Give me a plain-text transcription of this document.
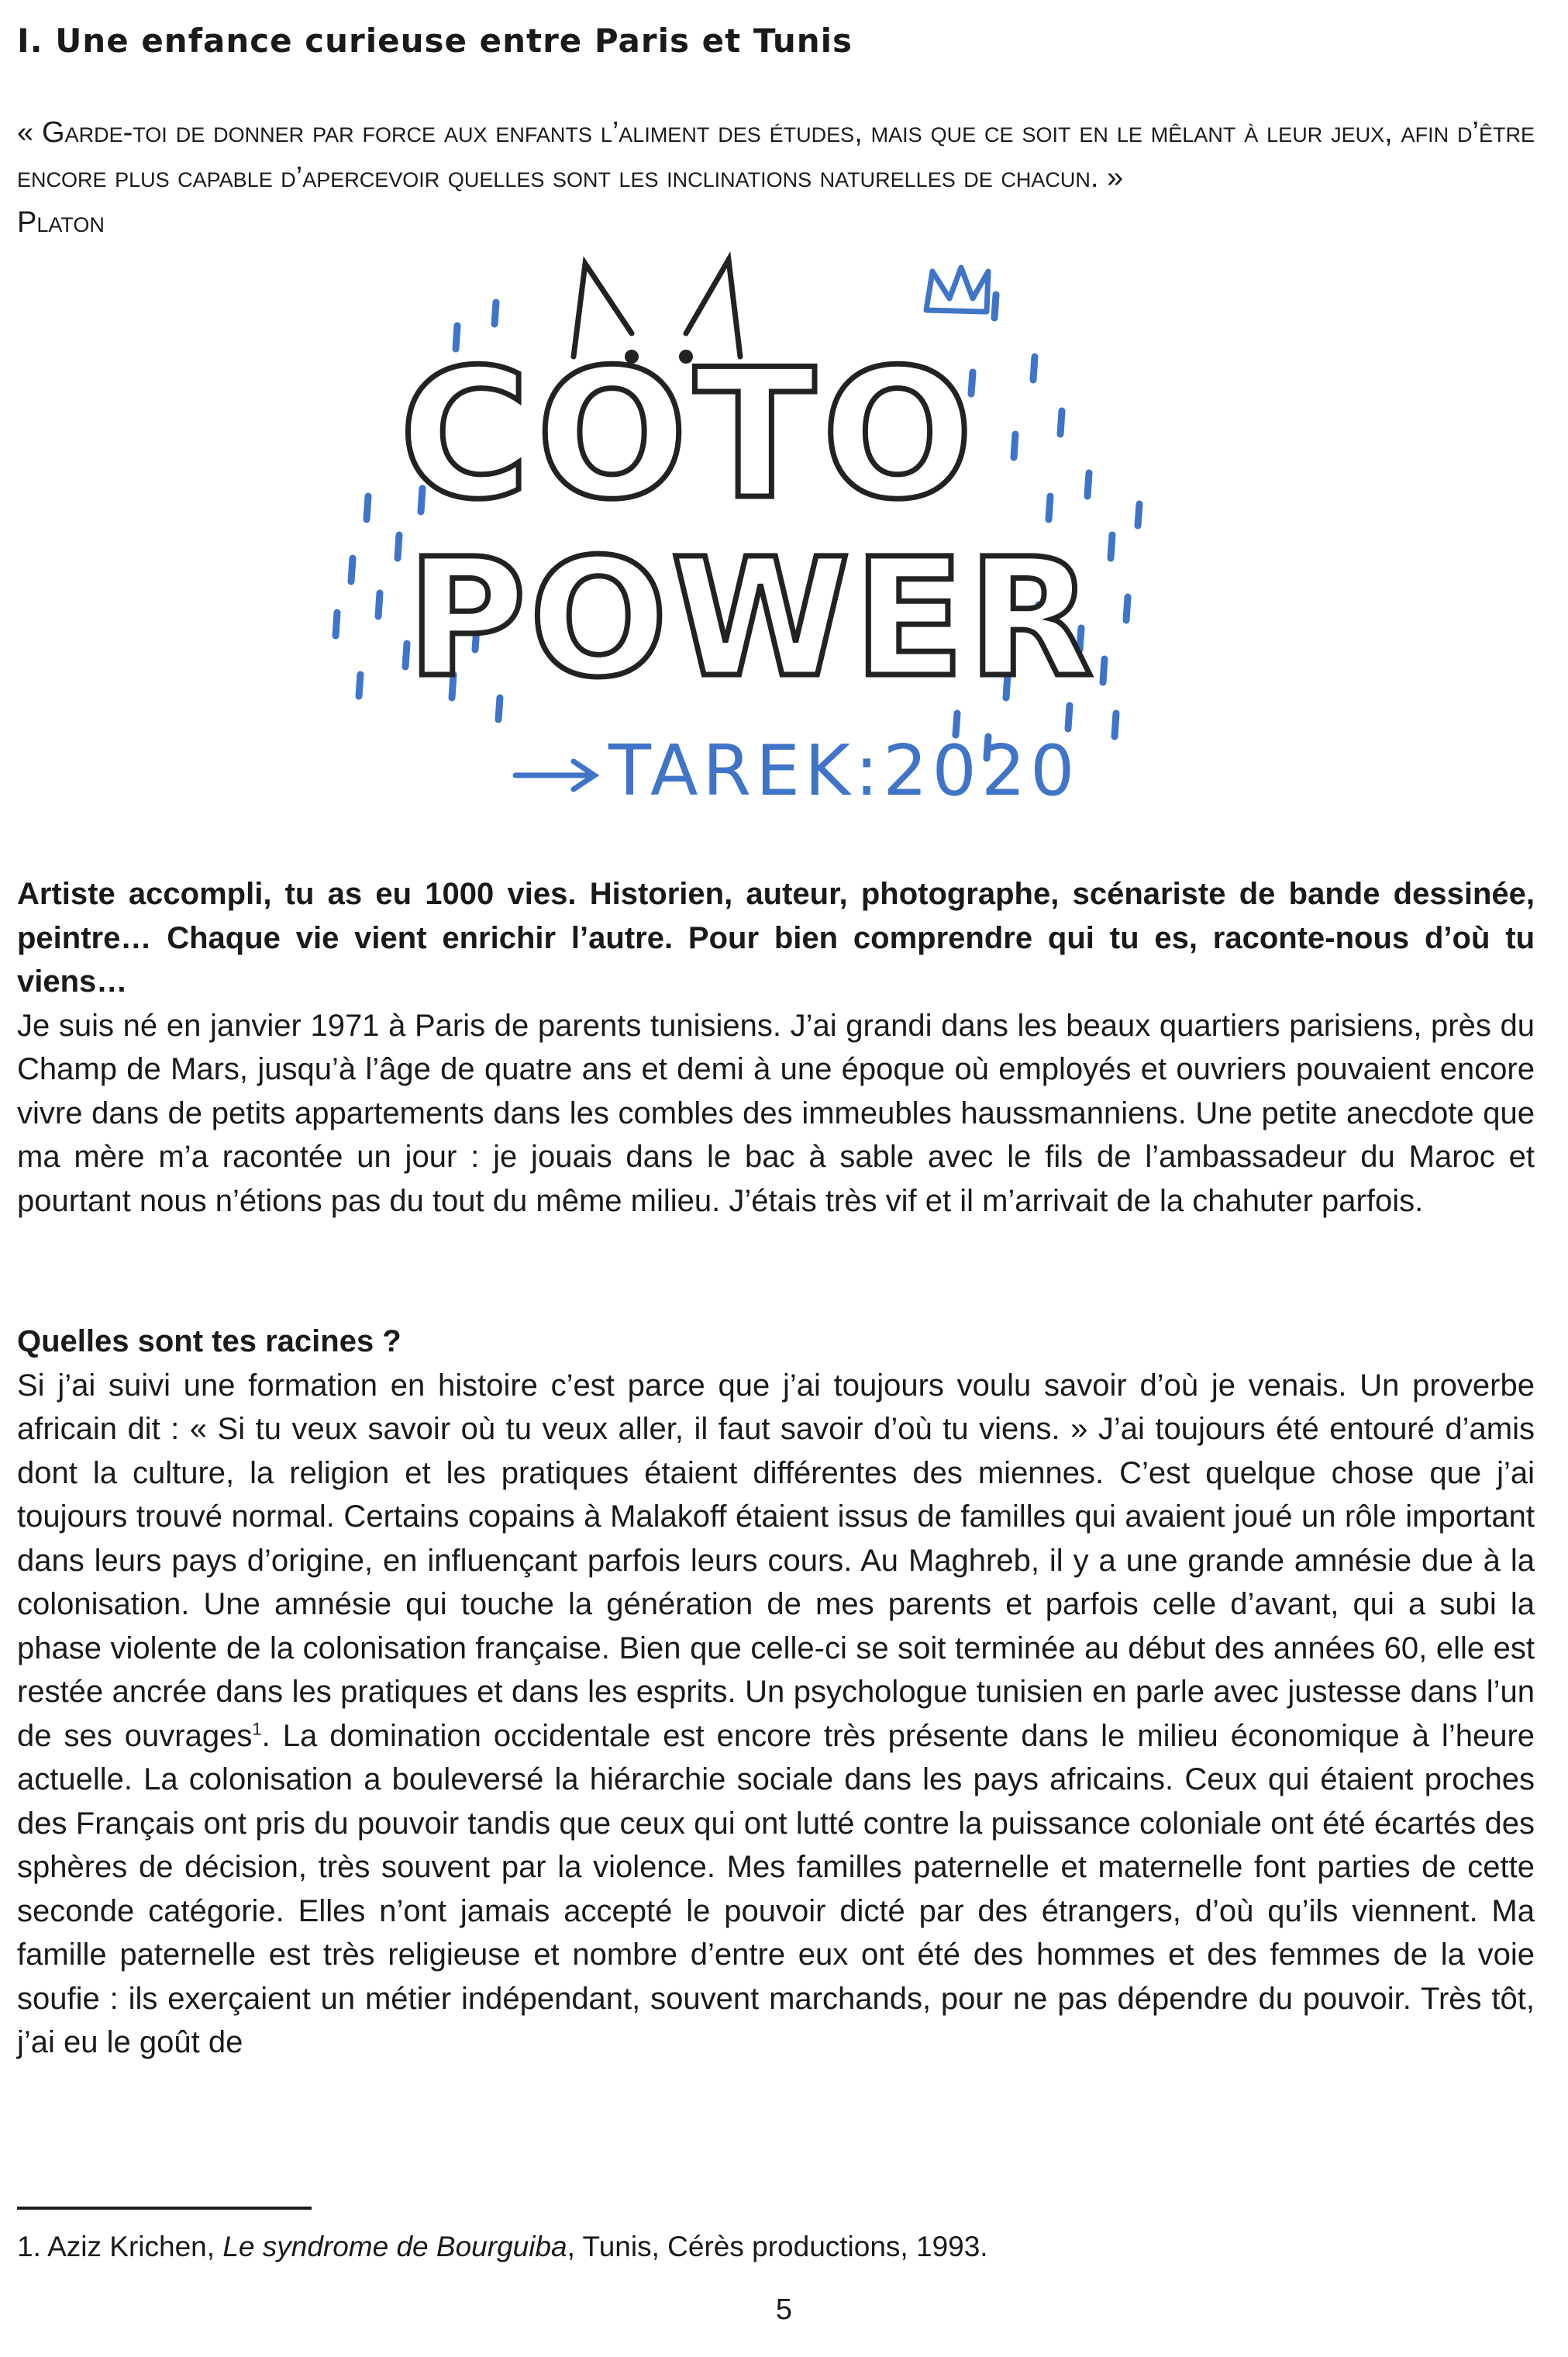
I. Une enfance curieuse entre Paris et Tunis

« Garde-toi de donner par force aux enfants l’aliment des études, mais que ce soit en le mêlant à leur jeux, afin d’être encore plus capable d’apercevoir quelles sont les inclinations naturelles de chacun. »
Platon

COTO
POWER
TAREK:2020

Artiste accompli, tu as eu 1000 vies. Historien, auteur, photographe, scénariste de bande dessinée, peintre… Chaque vie vient enrichir l’autre. Pour bien comprendre qui tu es, raconte-nous d’où tu viens…
Je suis né en janvier 1971 à Paris de parents tunisiens. J’ai grandi dans les beaux quartiers parisiens, près du Champ de Mars, jusqu’à l’âge de quatre ans et demi à une époque où employés et ouvriers pouvaient encore vivre dans de petits appartements dans les combles des immeubles haussmanniens. Une petite anecdote que ma mère m’a racontée un jour : je jouais dans le bac à sable avec le fils de l’ambassadeur du Maroc et pourtant nous n’étions pas du tout du même milieu. J’étais très vif et il m’arrivait de la chahuter parfois.

Quelles sont tes racines ?
Si j’ai suivi une formation en histoire c’est parce que j’ai toujours voulu savoir d’où je venais. Un proverbe africain dit : « Si tu veux savoir où tu veux aller, il faut savoir d’où tu viens. » J’ai toujours été entouré d’amis dont la culture, la religion et les pratiques étaient différentes des miennes. C’est quelque chose que j’ai toujours trouvé normal. Certains copains à Malakoff étaient issus de familles qui avaient joué un rôle important dans leurs pays d’origine, en influençant parfois leurs cours. Au Maghreb, il y a une grande amnésie due à la colonisation. Une amnésie qui touche la génération de mes parents et parfois celle d’avant, qui a subi la phase violente de la colonisation française. Bien que celle-ci se soit terminée au début des années 60, elle est restée ancrée dans les pratiques et dans les esprits. Un psychologue tunisien en parle avec justesse dans l’un de ses ouvrages$^1$. La domination occidentale est encore très présente dans le milieu économique à l’heure actuelle. La colonisation a bouleversé la hiérarchie sociale dans les pays africains. Ceux qui étaient proches des Français ont pris du pouvoir tandis que ceux qui ont lutté contre la puissance coloniale ont été écartés des sphères de décision, très souvent par la violence. Mes familles paternelle et maternelle font parties de cette seconde catégorie. Elles n’ont jamais accepté le pouvoir dicté par des étrangers, d’où qu’ils viennent. Ma famille paternelle est très religieuse et nombre d’entre eux ont été des hommes et des femmes de la voie soufie : ils exerçaient un métier indépendant, souvent marchands, pour ne pas dépendre du pouvoir. Très tôt, j’ai eu le goût de

1. Aziz Krichen, Le syndrome de Bourguiba, Tunis, Cérès productions, 1993.

5
